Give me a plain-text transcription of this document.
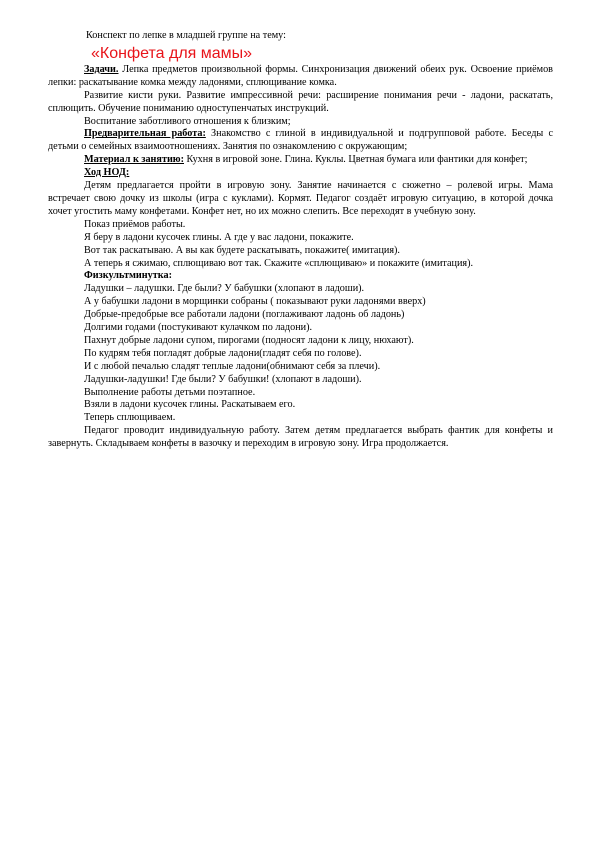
Конспект по лепке в младшей группе на тему:
«Конфета для мамы»

Задачи. Лепка предметов произвольной формы. Синхронизация движений обеих рук. Освоение приёмов лепки: раскатывание комка между ладонями, сплющивание комка.

Развитие кисти руки. Развитие импрессивной речи: расширение понимания речи - ладони, раскатать, сплющить. Обучение пониманию одноступенчатых инструкций.

Воспитание заботливого отношения к близким;

Предварительная работа: Знакомство с глиной в индивидуальной и подгрупповой работе. Беседы с детьми о семейных взаимоотношениях. Занятия по ознакомлению с окружающим;

Материал к занятию: Кухня в игровой зоне. Глина. Куклы. Цветная бумага или фантики для конфет;

Ход НОД:

Детям предлагается пройти в игровую зону. Занятие начинается с сюжетно – ролевой игры. Мама встречает свою дочку из школы (игра с куклами). Кормят. Педагог создаёт игровую ситуацию, в которой дочка хочет угостить маму конфетами. Конфет нет, но их можно слепить. Все переходят в учебную зону.

Показ приёмов работы.

Я беру в ладони кусочек глины. А где у вас ладони, покажите.

Вот так раскатываю. А вы как будете раскатывать, покажите( имитация).

А теперь я сжимаю, сплющиваю вот так. Скажите «сплющиваю» и покажите (имитация).

Физкультминутка:

Ладушки – ладушки. Где были? У бабушки (хлопают в ладоши).

А у бабушки ладони в морщинки собраны ( показывают руки ладонями вверх)

Добрые-предобрые все работали ладони (поглаживают ладонь об ладонь)

Долгими годами (постукивают кулачком по ладони).

Пахнут добрые ладони супом, пирогами (подносят ладони к лицу, нюхают).

По кудрям тебя погладят добрые ладони(гладят себя по голове).

И с любой печалью сладят теплые ладони(обнимают себя за плечи).

Ладушки-ладушки! Где были? У бабушки! (хлопают в ладоши).

Выполнение работы детьми поэтапное.

Взяли в ладони кусочек глины. Раскатываем его.

Теперь сплющиваем.

Педагог проводит индивидуальную работу. Затем детям предлагается выбрать фантик для конфеты и завернуть. Складываем конфеты в вазочку и переходим в игровую зону. Игра продолжается.
